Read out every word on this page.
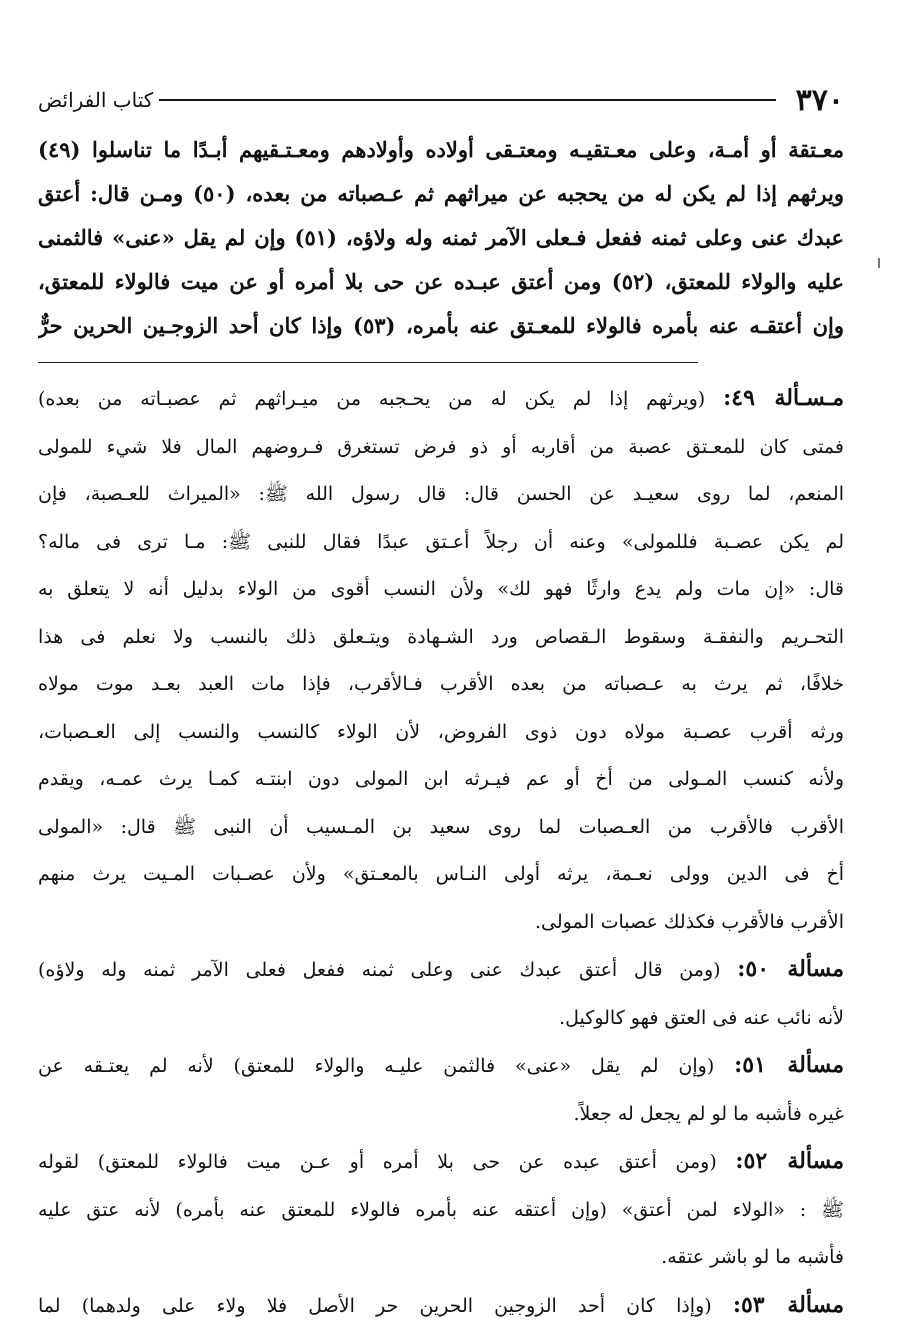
٣٧٠
كتاب الفرائض

معـتقة أو أمـة، وعلى معـتقيـه ومعتـقى أولاده وأولادهم ومعـتـقيهم أبـدًا ما تناسلوا (٤٩)

ويرثهم إذا لم يكن له من يحجبه عن ميراثهم ثم عـصباته من بعده، (٥٠) ومـن قال: أعتق

عبدك عنى وعلى ثمنه ففعل فـعلى الآمر ثمنه وله ولاؤه، (٥١) وإن لم يقل «عنى» فالثمنى

عليه والولاء للمعتق، (٥٢) ومن أعتق عبـده عن حى بلا أمره أو عن ميت فالولاء للمعتق،

وإن أعتقـه عنه بأمره فالولاء للمعـتق عنه بأمره، (٥٣) وإذا كان أحد الزوجـين الحرين حرٌّ

مـسـألة ٤٩: (ويرثهم إذا لم يكن له من يحـجبه من ميـراثهم ثم عصبـاته من بعده)

فمتى كان للمعـتق عصبة من أقاربه أو ذو فرض تستغرق فـروضهم المال فلا شيء للمولى

المنعم، لما روى سعيـد عن الحسن قال: قال رسول الله ﷺ: «الميراث للعـصبة، فإن

لم يكن عصـبة فللمولى» وعنه أن رجلاً أعـتق عبدًا فقال للنبى ﷺ: مـا ترى فى ماله؟

قال: «إن مات ولم يدع وارثًا فهو لك» ولأن النسب أقوى من الولاء بدليل أنه لا يتعلق به

التحـريم والنفقـة وسقوط الـقصاص ورد الشـهادة ويتـعلق ذلك بالنسب ولا نعلم فى هذا

خلافًا، ثم يرث به عـصباته من بعده الأقرب فـالأقرب، فإذا مات العبد بعـد موت مولاه

ورثه أقرب عصـبة مولاه دون ذوى الفروض، لأن الولاء كالنسب والنسب إلى العـصبات،

ولأنه كنسب المـولى من أخ أو عم فيـرثه ابن المولى دون ابنتـه كمـا يرث عمـه، ويقدم

الأقرب فالأقرب من العـصبات لما روى سعيد بن المـسيب أن النبى ﷺ قال: «المولى

أخ فى الدين وولى نعـمة، يرثه أولى النـاس بالمعـتق» ولأن عصـبات المـيت يرث منهم

الأقرب فالأقرب فكذلك عصبات المولى.

مسألة ٥٠: (ومن قال أعتق عبدك عنى وعلى ثمنه ففعل فعلى الآمر ثمنه وله ولاؤه)

لأنه نائب عنه فى العتق فهو كالوكيل.

مسألة ٥١: (وإن لم يقل «عنى» فالثمن عليـه والولاء للمعتق) لأنه لم يعتـقه عن

غيره فأشبه ما لو لم يجعل له جعلاً.

مسألة ٥٢: (ومن أعتق عبده عن حى بلا أمره أو عـن ميت فالولاء للمعتق) لقوله

ﷺ : «الولاء لمن أعتق» (وإن أعتقه عنه بأمره فالولاء للمعتق عنه بأمره) لأنه عتق عليه

فأشبه ما لو باشر عتقه.

مسألة ٥٣: (وإذا كان أحد الزوجين الحرين حر الأصل فلا ولاء على ولدهما) لما
